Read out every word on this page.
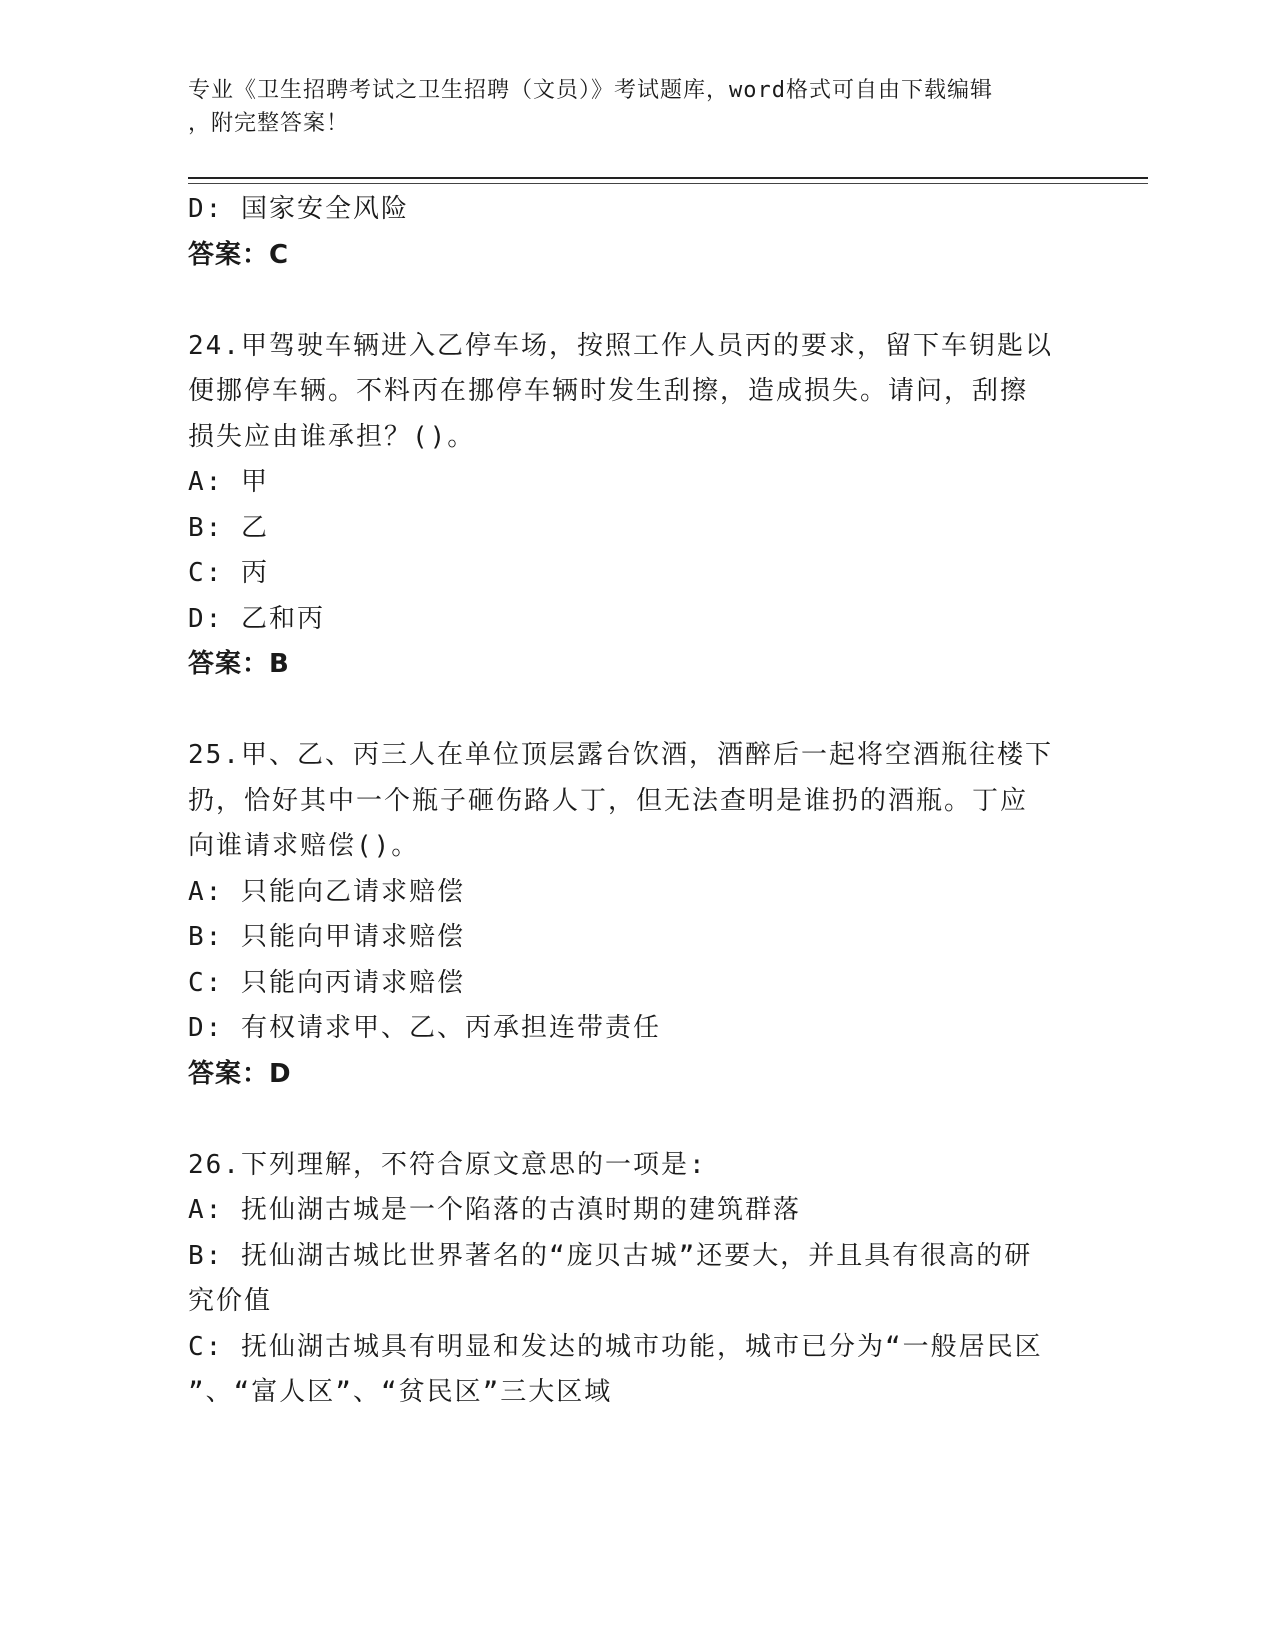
专业《卫生招聘考试之卫生招聘（文员）》考试题库，word格式可自由下载编辑
，附完整答案！
D: 国家安全风险
答案：C
24.甲驾驶车辆进入乙停车场，按照工作人员丙的要求，留下车钥匙以
便挪停车辆。不料丙在挪停车辆时发生刮擦，造成损失。请问，刮擦
损失应由谁承担？()。
A: 甲
B: 乙
C: 丙
D: 乙和丙
答案：B
25.甲、乙、丙三人在单位顶层露台饮酒，酒醉后一起将空酒瓶往楼下
扔，恰好其中一个瓶子砸伤路人丁，但无法查明是谁扔的酒瓶。丁应
向谁请求赔偿()。
A: 只能向乙请求赔偿
B: 只能向甲请求赔偿
C: 只能向丙请求赔偿
D: 有权请求甲、乙、丙承担连带责任
答案：D
26.下列理解，不符合原文意思的一项是:
A: 抚仙湖古城是一个陷落的古滇时期的建筑群落
B: 抚仙湖古城比世界著名的“庞贝古城”还要大，并且具有很高的研
究价值
C: 抚仙湖古城具有明显和发达的城市功能，城市已分为“一般居民区
”、“富人区”、“贫民区”三大区域
